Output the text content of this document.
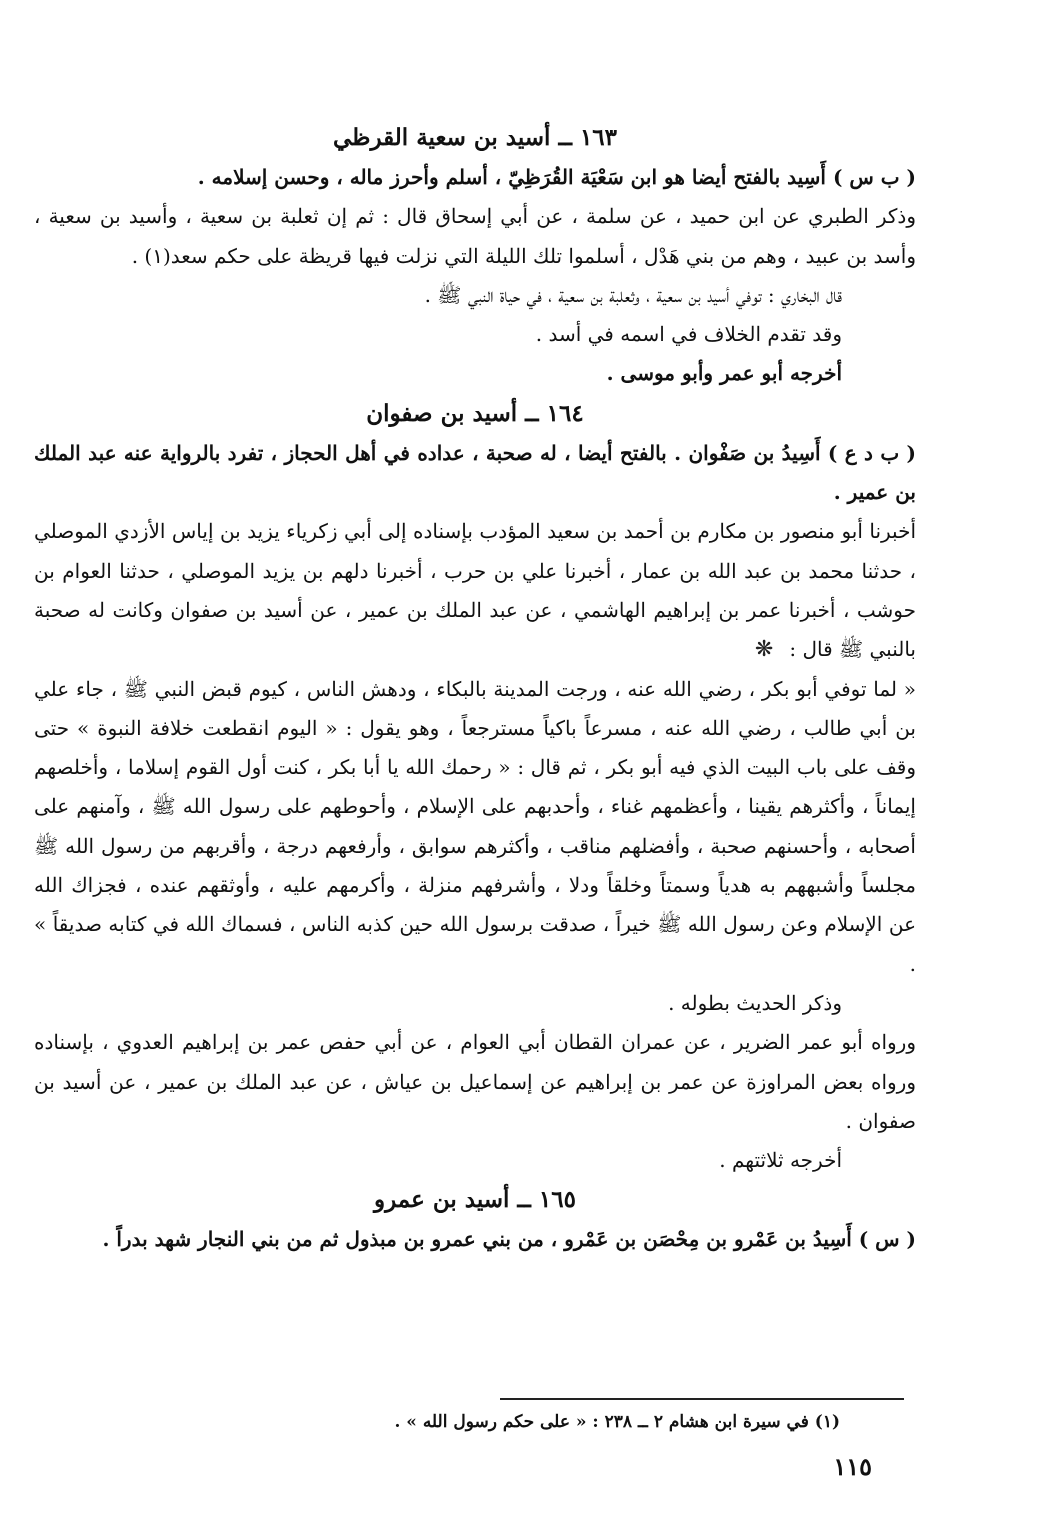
١٦٣ ــ أسيد بن سعية القرظي

( ب س ) أَسِيد بالفتح أيضا هو ابن سَعْيَة القُرَظِيّ ، أسلم وأحرز ماله ، وحسن إسلامه .

وذكر الطبري عن ابن حميد ، عن سلمة ، عن أبي إسحاق قال : ثم إن ثعلبة بن سعية ، وأسيد بن سعية ، وأسد بن عبيد ، وهم من بني هَدْل ، أسلموا تلك الليلة التي نزلت فيها قريظة على حكم سعد(١) .

قال البخاري : توفي أسيد بن سعية ، وثعلبة بن سعية ، في حياة النبي ﷺ .

وقد تقدم الخلاف في اسمه في أسد .

أخرجه أبو عمر وأبو موسى .

١٦٤ ــ أسيد بن صفوان

( ب د ع ) أَسِيدُ بن صَفْوان . بالفتح أيضا ، له صحبة ، عداده في أهل الحجاز ، تفرد بالرواية عنه عبد الملك بن عمير .

أخبرنا أبو منصور بن مكارم بن أحمد بن سعيد المؤدب بإسناده إلى أبي زكرياء يزيد بن إياس الأزدي الموصلي ، حدثنا محمد بن عبد الله بن عمار ، أخبرنا علي بن حرب ، أخبرنا دلهم بن يزيد الموصلي ، حدثنا العوام بن حوشب ، أخبرنا عمر بن إبراهيم الهاشمي ، عن عبد الملك بن عمير ، عن أسيد بن صفوان وكانت له صحبة بالنبي ﷺ قال :❋

« لما توفي أبو بكر ، رضي الله عنه ، ورجت المدينة بالبكاء ، ودهش الناس ، كيوم قبض النبي ﷺ ، جاء علي بن أبي طالب ، رضي الله عنه ، مسرعاً باكياً مسترجعاً ، وهو يقول : « اليوم انقطعت خلافة النبوة » حتى وقف على باب البيت الذي فيه أبو بكر ، ثم قال : « رحمك الله يا أبا بكر ، كنت أول القوم إسلاما ، وأخلصهم إيماناً ، وأكثرهم يقينا ، وأعظمهم غناء ، وأحدبهم على الإسلام ، وأحوطهم على رسول الله ﷺ ، وآمنهم على أصحابه ، وأحسنهم صحبة ، وأفضلهم مناقب ، وأكثرهم سوابق ، وأرفعهم درجة ، وأقربهم من رسول الله ﷺ مجلساً وأشبههم به هدياً وسمتاً وخلقاً ودلا ، وأشرفهم منزلة ، وأكرمهم عليه ، وأوثقهم عنده ، فجزاك الله عن الإسلام وعن رسول الله ﷺ خيراً ، صدقت برسول الله حين كذبه الناس ، فسماك الله في كتابه صديقاً » .

وذكر الحديث بطوله .

ورواه أبو عمر الضرير ، عن عمران القطان أبي العوام ، عن أبي حفص عمر بن إبراهيم العدوي ، بإسناده ورواه بعض المراوزة عن عمر بن إبراهيم عن إسماعيل بن عياش ، عن عبد الملك بن عمير ، عن أسيد بن صفوان .

أخرجه ثلاثتهم .

١٦٥ ــ أسيد بن عمرو

( س ) أَسِيدُ بن عَمْرو بن مِحْصَن بن عَمْرو ، من بني عمرو بن مبذول ثم من بني النجار شهد بدراً .

(١) في سيرة ابن هشام ٢ ــ ٢٣٨ : « على حكم رسول الله » .

١١٥
